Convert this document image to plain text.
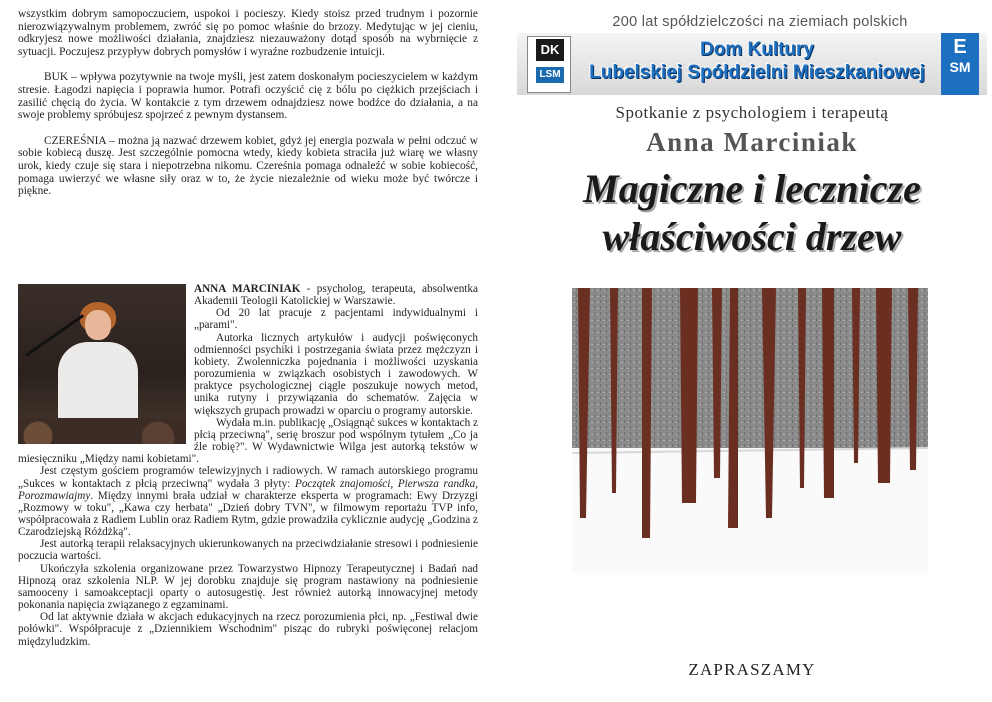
wszystkim dobrym samopoczuciem, uspokoi i pocieszy. Kiedy stoisz przed trudnym i pozornie nierozwiązywalnym problemem, zwróć się po pomoc właśnie do brzozy. Medytując w jej cieniu, odkryjesz nowe możliwości działania, znajdziesz niezauważony dotąd sposób na wybrnięcie z sytuacji. Poczujesz przypływ dobrych pomysłów i wyraźne rozbudzenie intuicji.

BUK – wpływa pozytywnie na twoje myśli, jest zatem doskonałym pocieszycielem w każdym stresie. Łagodzi napięcia i poprawia humor. Potrafi oczyścić cię z bólu po ciężkich przejściach i zasilić chęcią do życia. W kontakcie z tym drzewem odnajdziesz nowe bodźce do działania, a na swoje problemy spróbujesz spojrzeć z pewnym dystansem.

CZEREŚNIA – można ją nazwać drzewem kobiet, gdyż jej energia pozwala w pełni odczuć w sobie kobiecą duszę. Jest szczególnie pomocna wtedy, kiedy kobieta straciła już wiarę we własny urok, kiedy czuje się stara i niepotrzebna nikomu. Czereśnia pomaga odnaleźć w sobie kobiecość, pomaga uwierzyć we własne siły oraz w to, że życie niezależnie od wieku może być twórcze i piękne.

ANNA MARCINIAK - psycholog, terapeuta, absolwentka Akademii Teologii Katolickiej w Warszawie.

Od 20 lat pracuje z pacjentami indywidualnymi i „parami".

Autorka licznych artykułów i audycji poświęconych odmienności psychiki i postrzegania świata przez mężczyzn i kobiety. Zwolenniczka pojednania i możliwości uzyskania porozumienia w związkach osobistych i zawodowych. W praktyce psychologicznej ciągle poszukuje nowych metod, unika rutyny i przywiązania do schematów. Zajęcia w większych grupach prowadzi w oparciu o programy autorskie.

Wydała m.in. publikację „Osiągnąć sukces w kontaktach z płcią przeciwną", serię broszur pod wspólnym tytułem „Co ja źle robię?". W Wydawnictwie Wilga jest autorką tekstów w miesięczniku „Między nami kobietami".

Jest częstym gościem programów telewizyjnych i radiowych. W ramach autorskiego programu „Sukces w kontaktach z płcią przeciwną" wydała 3 płyty: Początek znajomości, Pierwsza randka, Porozmawiajmy. Między innymi brała udział w charakterze eksperta w programach: Ewy Drzyzgi „Rozmowy w toku", „Kawa czy herbata" „Dzień dobry TVN", w filmowym reportażu TVP info, współpracowała z Radiem Lublin oraz Radiem Rytm, gdzie prowadziła cyklicznie audycję „Godzina z Czarodziejską Różdżką".

Jest autorką terapii relaksacyjnych ukierunkowanych na przeciwdziałanie stresowi i podniesienie poczucia wartości.

Ukończyła szkolenia organizowane przez Towarzystwo Hipnozy Terapeutycznej i Badań nad Hipnozą oraz szkolenia NLP. W jej dorobku znajduje się program nastawiony na podniesienie samooceny i samoakceptacji oparty o autosugestię. Jest również autorką innowacyjnej metody pokonania napięcia związanego z egzaminami.

Od lat aktywnie działa w akcjach edukacyjnych na rzecz porozumienia płci, np. „Festiwal dwie połówki". Współpracuje z „Dziennikiem Wschodnim" pisząc do rubryki poświęconej relacjom międzyludzkim.

200 lat spółdzielczości na ziemiach polskich
DK
LSM
Dom Kultury
Lubelskiej Spółdzielni Mieszkaniowej
E
SM
Spotkanie z psychologiem i terapeutą
Anna Marciniak
Magiczne i lecznicze
właściwości drzew
ZAPRASZAMY
